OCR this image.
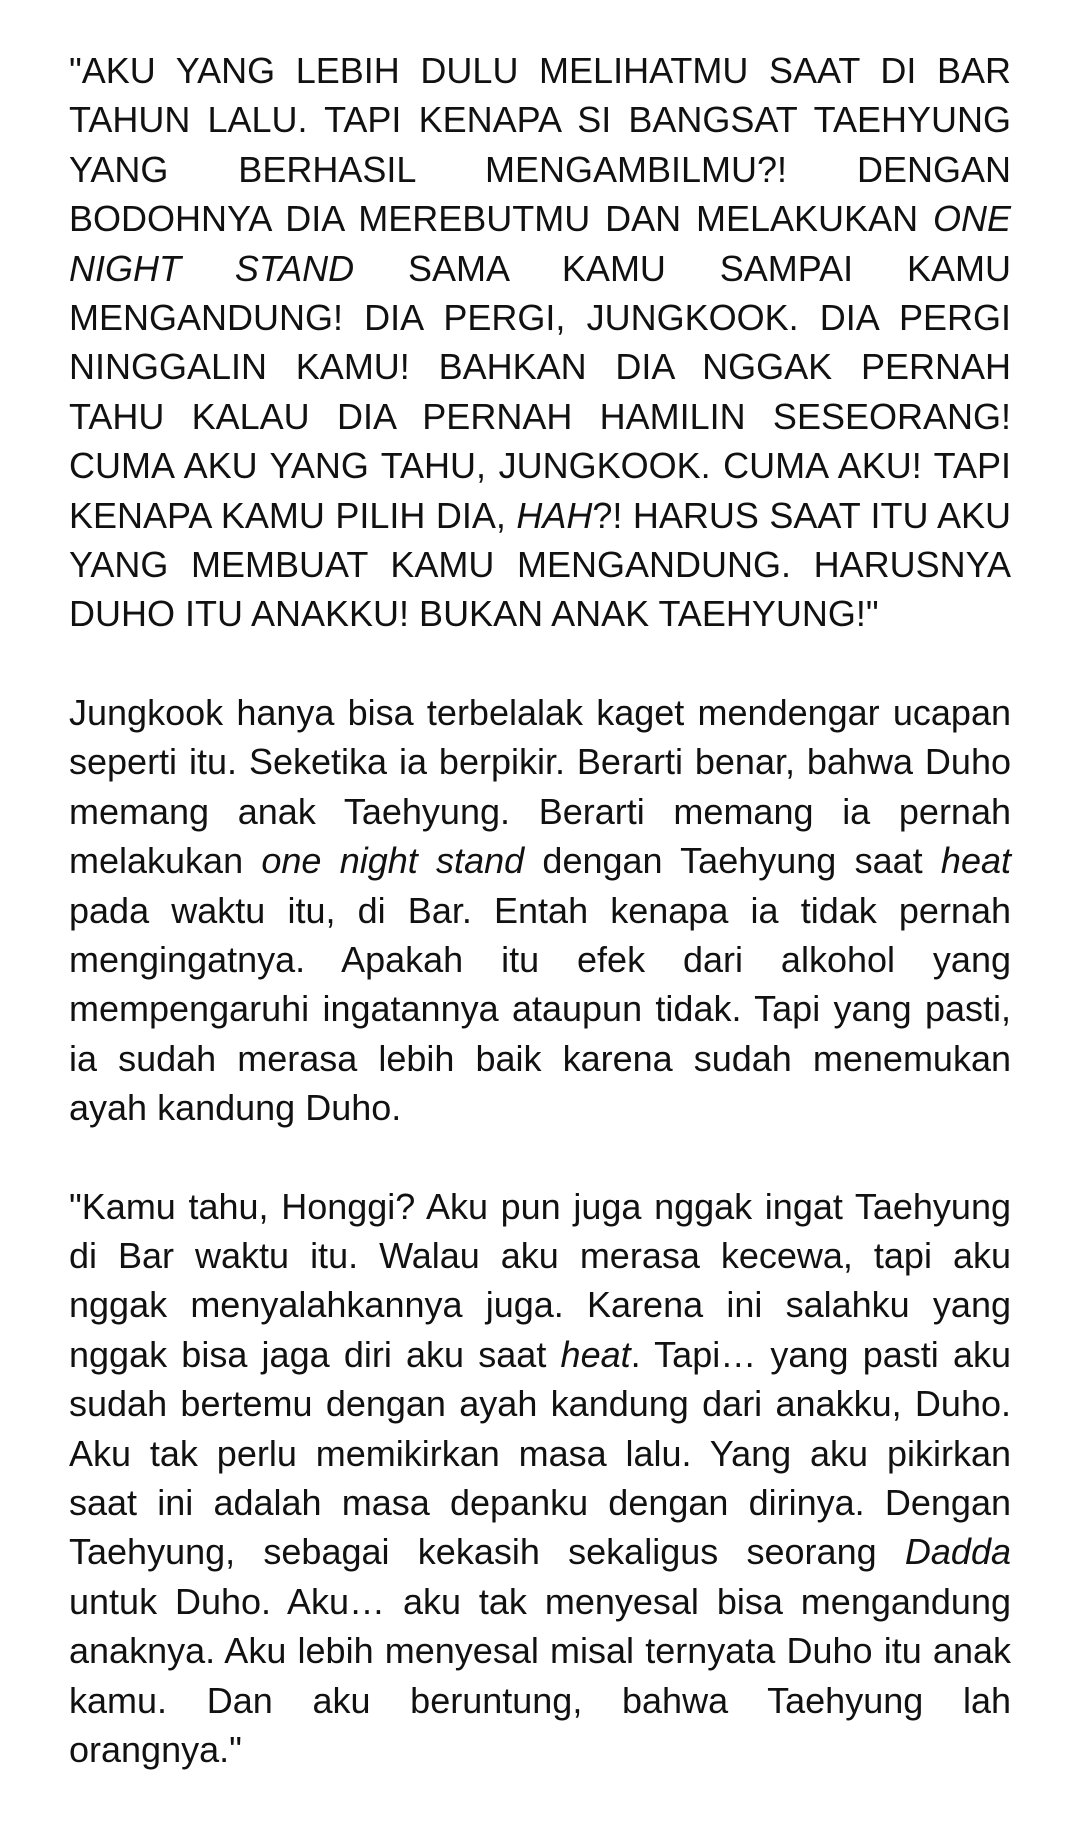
"AKU YANG LEBIH DULU MELIHATMU SAAT DI BAR TAHUN LALU. TAPI KENAPA SI BANGSAT TAEHYUNG YANG BERHASIL MENGAMBILMU?! DENGAN BODOHNYA DIA MEREBUTMU DAN MELAKUKAN ONE NIGHT STAND SAMA KAMU SAMPAI KAMU MENGANDUNG! DIA PERGI, JUNGKOOK. DIA PERGI NINGGALIN KAMU! BAHKAN DIA NGGAK PERNAH TAHU KALAU DIA PERNAH HAMILIN SESEORANG! CUMA AKU YANG TAHU, JUNGKOOK. CUMA AKU! TAPI KENAPA KAMU PILIH DIA, HAH?! HARUS SAAT ITU AKU YANG MEMBUAT KAMU MENGANDUNG. HARUSNYA DUHO ITU ANAKKU! BUKAN ANAK TAEHYUNG!"

Jungkook hanya bisa terbelalak kaget mendengar ucapan seperti itu. Seketika ia berpikir. Berarti benar, bahwa Duho memang anak Taehyung. Berarti memang ia pernah melakukan one night stand dengan Taehyung saat heat pada waktu itu, di Bar. Entah kenapa ia tidak pernah mengingatnya. Apakah itu efek dari alkohol yang mempengaruhi ingatannya ataupun tidak. Tapi yang pasti, ia sudah merasa lebih baik karena sudah menemukan ayah kandung Duho.

"Kamu tahu, Honggi? Aku pun juga nggak ingat Taehyung di Bar waktu itu. Walau aku merasa kecewa, tapi aku nggak menyalahkannya juga. Karena ini salahku yang nggak bisa jaga diri aku saat heat. Tapi… yang pasti aku sudah bertemu dengan ayah kandung dari anakku, Duho. Aku tak perlu memikirkan masa lalu. Yang aku pikirkan saat ini adalah masa depanku dengan dirinya. Dengan Taehyung, sebagai kekasih sekaligus seorang Dadda untuk Duho. Aku… aku tak menyesal bisa mengandung anaknya. Aku lebih menyesal misal ternyata Duho itu anak kamu. Dan aku beruntung, bahwa Taehyung lah orangnya."
